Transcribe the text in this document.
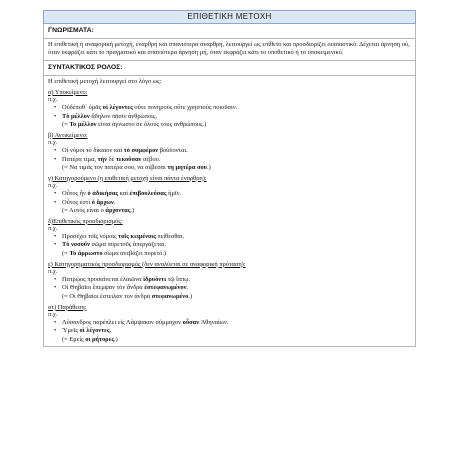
ΕΠΙΘΕΤΙΚΗ ΜΕΤΟΧΗ
ΓΝΩΡΙΣΜΑΤΑ:

Η επιθετική ή αναφορική μετοχή, έναρθρη και σπανιότερα άναρθρη, λειτουργεί ως επίθετο και προσδιορίζει ουσιαστικό. Δέχεται άρνηση ού, όταν εκφράζει κάτι το πραγματικό και σπανιότερα άρνηση μή, όταν εκφράζει κάτι το υποθετικό ή το υποκειμενικό.

ΣΥΝΤΑΚΤΙΚΟΣ ΡΟΛΟΣ:

Η επιθετική μετοχή λειτουργεί στο λόγο ως:

α) Υποκείμενο:
π.χ.
• Οὐδέποθ᾽ ὑμᾶς οἱ λέγοντες οὔτε πονηροὺς οὔτε χρηστοὺς ποιοῦσιν.
• Τὸ μέλλον ἄδηλον πᾶσιν ἀνθρώποις.
(= Το μέλλον είναι άγνωστο σε όλους τους ανθρώπους.)
β) Αντικείμενο:
π.χ.
• Οἱ νόμοι τὸ δίκαιον καὶ τὸ συμφέρον βούλονται.
• Πατέρα τίμα, τὴν δὲ τεκοῦσαν σέβου.
(= Να τιμάς τον πατέρα σου, να σέβεσαι τη μητέρα σου.)
γ) Κατηγορούμενο (η επιθετική μετοχή είναι πάντα έναρθρη):
π.χ.
• Οὗτος ἦν ὁ ἀδικήσας καὶ ἐπιβουλεύσας ἡμῖν.
• Οὗτος ἐστὶ ὁ ἄρχων.
(= Αυτός είναι ο άρχοντας.)
δ)Επιθετικός προσδιορισμός:
π.χ.
• Προσέχει τοῖς νόμοις τοῖς κειμένοις πείθεσθαι.
• Τὸ νοσοῦν σῶμα πυρετοῦς ἀπεργάζεται.
(= Το άρρωστο σώμα ανεβάζει πυρετό.)
ε) Κατηγορηματικός προσδιορισμός (δεν αναλύεται σε αναφορική πρόταση):
π.χ.
• Πατρῴος προσαίνεται ἐλαιῶνα ἱδρυόντι τῷ ἵππῳ.
• Οἱ Θηβαῖοι ἔπεμψαν τὸν ἄνδρα ἐστεφανωμένον.
(= Οι Θηβαίοι έστειλαν τον άνδρα στεφανωμένο.)
στ) Παράθεση:
π.χ.
• Λύσανδρος παρέπλει εἰς Λάμψακον σύμμαχον οὖσαν Ἀθηναίων.
• Ὑμεῖς οἱ λέγοντες.
(= Εμείς οι ρήτορες.)
